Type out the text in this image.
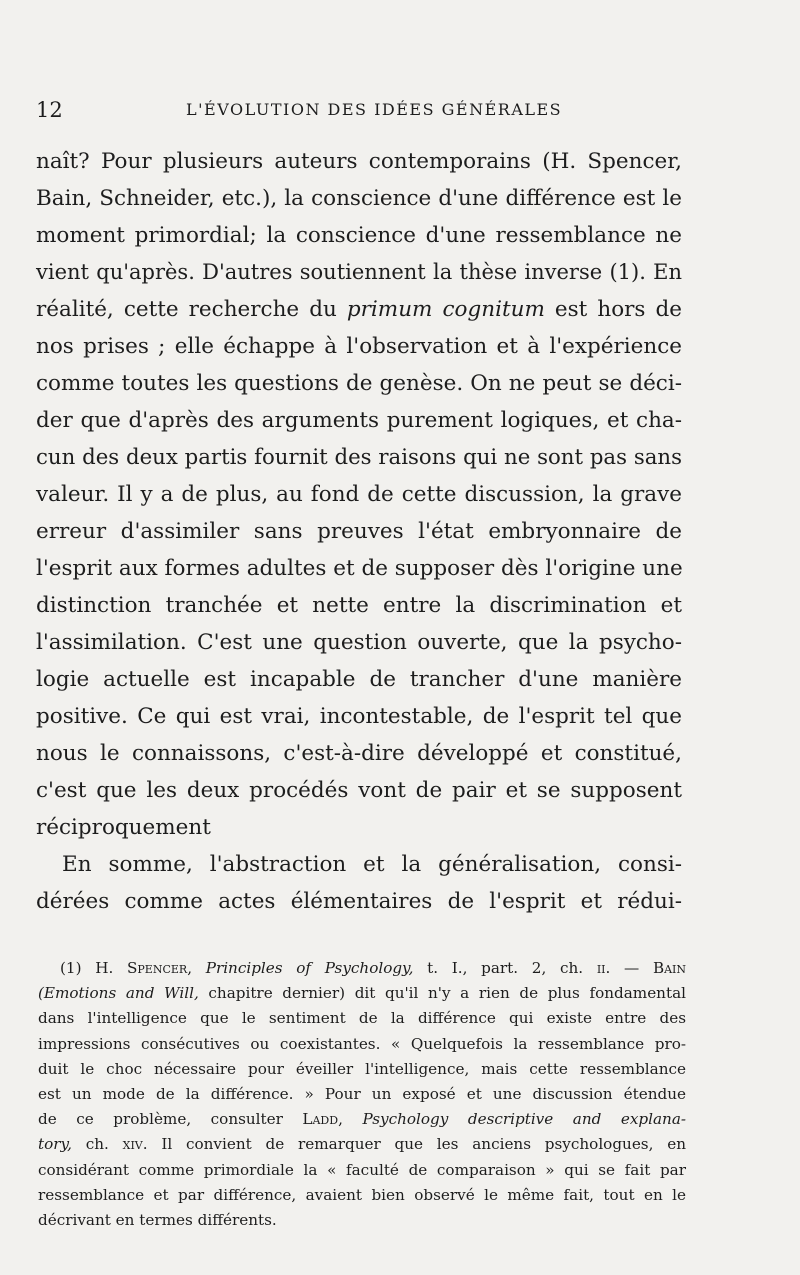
12	L'ÉVOLUTION DES IDÉES GÉNÉRALES
naît? Pour plusieurs auteurs contemporains (H. Spencer,
Bain, Schneider, etc.), la conscience d'une différence est le
moment primordial; la conscience d'une ressemblance ne
vient qu'après. D'autres soutiennent la thèse inverse (1). En
réalité, cette recherche du primum cognitum est hors de
nos prises ; elle échappe à l'observation et à l'expérience
comme toutes les questions de genèse. On ne peut se déci-
der que d'après des arguments purement logiques, et cha-
cun des deux partis fournit des raisons qui ne sont pas sans
valeur. Il y a de plus, au fond de cette discussion, la grave
erreur d'assimiler sans preuves l'état embryonnaire de
l'esprit aux formes adultes et de supposer dès l'origine une
distinction tranchée et nette entre la discrimination et
l'assimilation. C'est une question ouverte, que la psycho-
logie actuelle est incapable de trancher d'une manière
positive. Ce qui est vrai, incontestable, de l'esprit tel que
nous le connaissons, c'est-à-dire développé et constitué,
c'est que les deux procédés vont de pair et se supposent
réciproquement
En somme, l'abstraction et la généralisation, consi-
dérées comme actes élémentaires de l'esprit et rédui-
(1) H. Spencer, Principles of Psychology, t. I., part. 2, ch. ii. — Bain
(Emotions and Will, chapitre dernier) dit qu'il n'y a rien de plus fondamental
dans l'intelligence que le sentiment de la différence qui existe entre des
impressions consécutives ou coexistantes. « Quelquefois la ressemblance pro-
duit le choc nécessaire pour éveiller l'intelligence, mais cette ressemblance
est un mode de la différence. » Pour un exposé et une discussion étendue
de ce problème, consulter Ladd, Psychology descriptive and explana-
tory, ch. xiv. Il convient de remarquer que les anciens psychologues, en
considérant comme primordiale la « faculté de comparaison » qui se fait par
ressemblance et par différence, avaient bien observé le même fait, tout en le
décrivant en termes différents.
